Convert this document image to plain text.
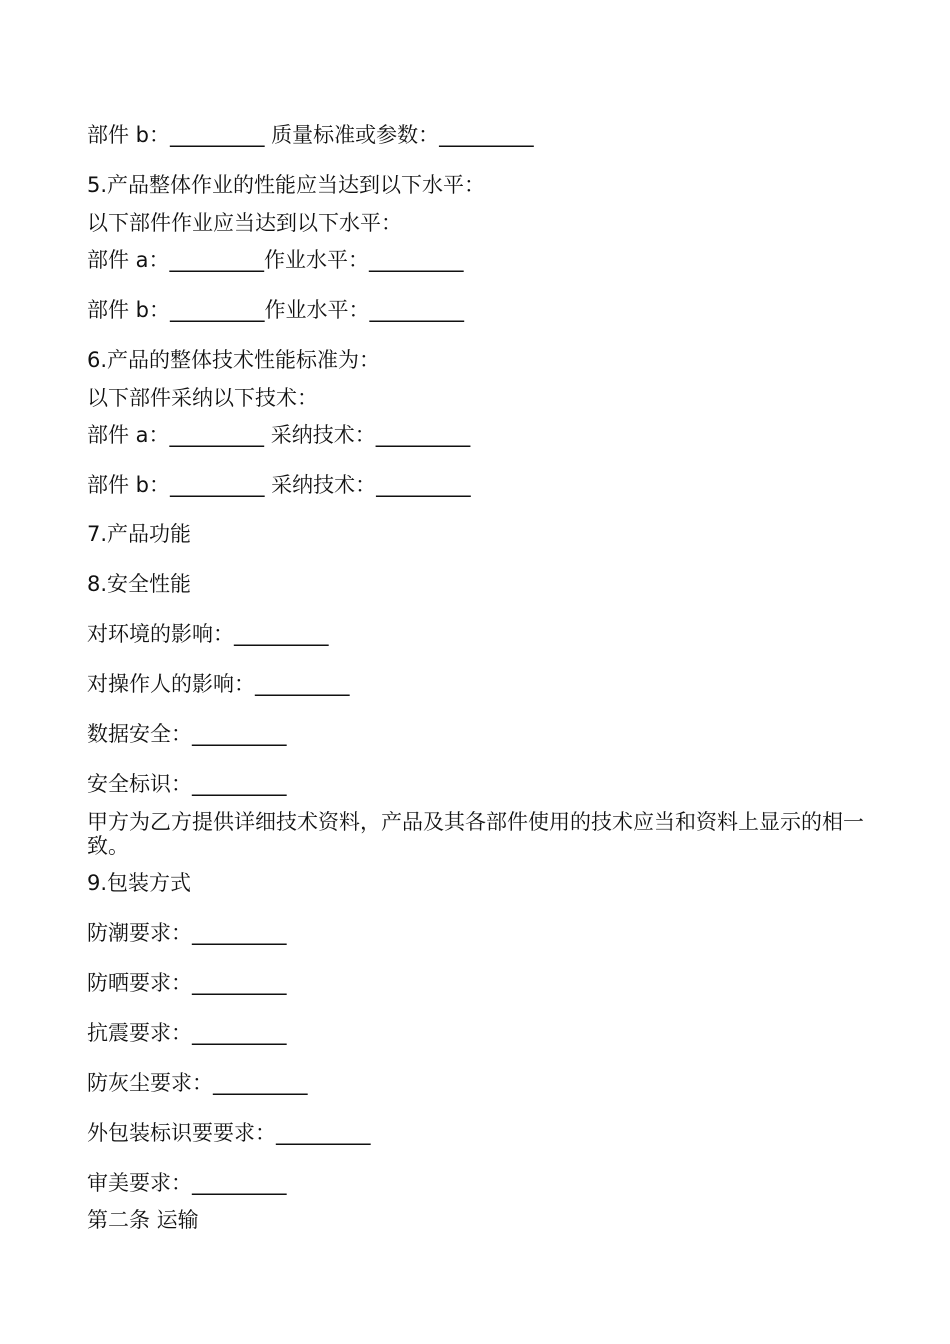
部件 b：_________ 质量标准或参数：_________
5.产品整体作业的性能应当达到以下水平：
以下部件作业应当达到以下水平：
部件 a：_________作业水平：_________
部件 b：_________作业水平：_________
6.产品的整体技术性能标准为：
以下部件采纳以下技术：
部件 a：_________ 采纳技术：_________
部件 b：_________ 采纳技术：_________
7.产品功能
8.安全性能
对环境的影响：_________
对操作人的影响：_________
数据安全：_________
安全标识：_________
甲方为乙方提供详细技术资料，产品及其各部件使用的技术应当和资料上显示的相一致。
9.包装方式
防潮要求：_________
防晒要求：_________
抗震要求：_________
防灰尘要求：_________
外包装标识要要求：_________
审美要求：_________
第二条 运输
